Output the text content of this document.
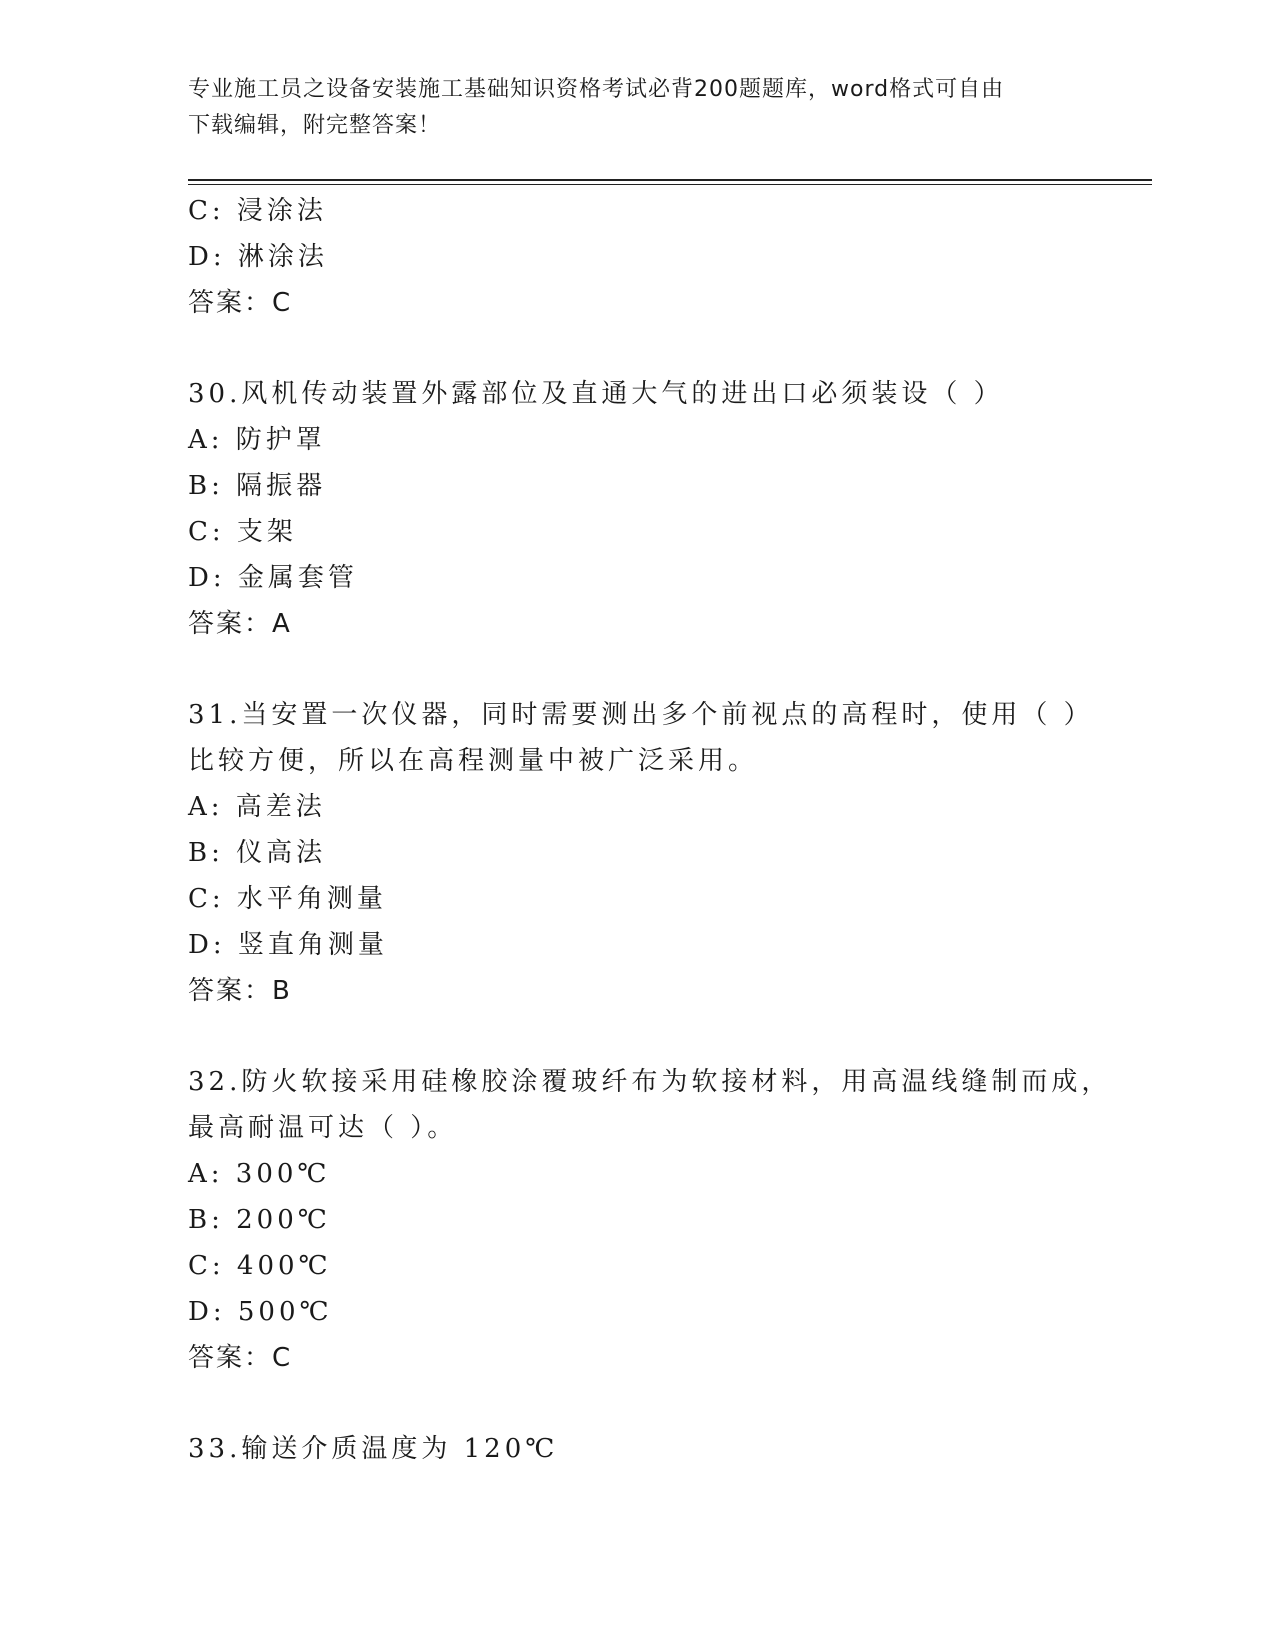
专业施工员之设备安装施工基础知识资格考试必背200题题库，word格式可自由
下载编辑，附完整答案！
C: 浸涂法
D: 淋涂法
答案：C
30.风机传动装置外露部位及直通大气的进出口必须装设（ ）
A: 防护罩
B: 隔振器
C: 支架
D: 金属套管
答案：A
31.当安置一次仪器，同时需要测出多个前视点的高程时，使用（ ）
比较方便，所以在高程测量中被广泛采用。
A: 高差法
B: 仪高法
C: 水平角测量
D: 竖直角测量
答案：B
32.防火软接采用硅橡胶涂覆玻纤布为软接材料，用高温线缝制而成，
最高耐温可达（ ）。
A: 300℃
B: 200℃
C: 400℃
D: 500℃
答案：C
33.输送介质温度为 120℃
